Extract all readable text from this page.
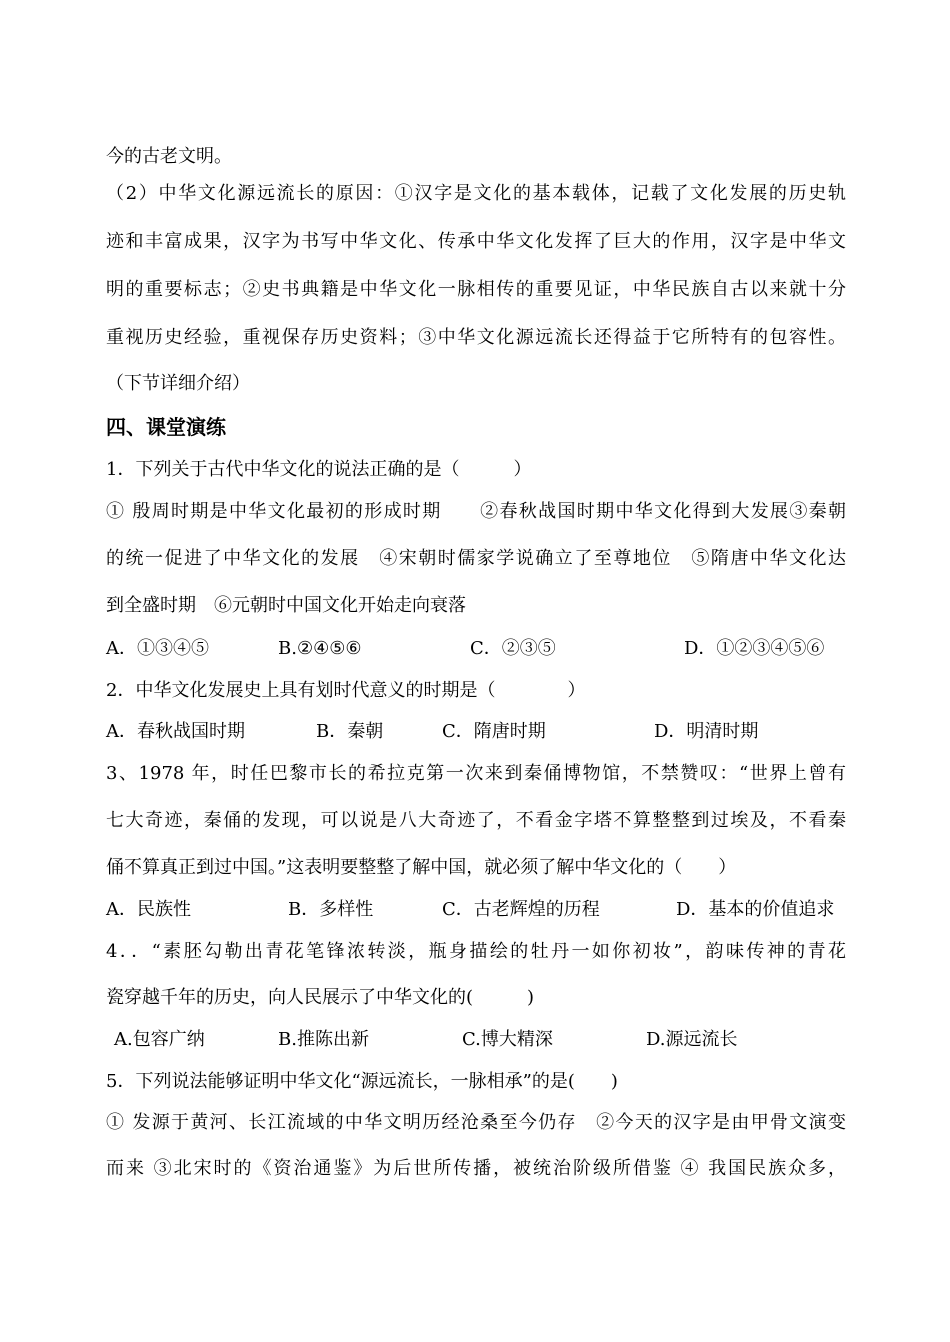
今的古老文明。
（2）中华文化源远流长的原因：①汉字是文化的基本载体，记载了文化发展的历史轨
迹和丰富成果，汉字为书写中华文化、传承中华文化发挥了巨大的作用，汉字是中华文
明的重要标志；②史书典籍是中华文化一脉相传的重要见证，中华民族自古以来就十分
重视历史经验，重视保存历史资料；③中华文化源远流长还得益于它所特有的包容性。
（下节详细介绍）
四、课堂演练
1．下列关于古代中华文化的说法正确的是（　　　）
① 殷周时期是中华文化最初的形成时期　　②春秋战国时期中华文化得到大发展③秦朝
的统一促进了中华文化的发展　④宋朝时儒家学说确立了至尊地位　⑤隋唐中华文化达
到全盛时期　⑥元朝时中国文化开始走向衰落
A．①③④⑤	B.②④⑤⑥	C．②③⑤	D．①②③④⑤⑥
2．中华文化发展史上具有划时代意义的时期是（　　　　）
A．春秋战国时期	B．秦朝	C．隋唐时期	D．明清时期
3、1978 年，时任巴黎市长的希拉克第一次来到秦俑博物馆，不禁赞叹：“世界上曾有
七大奇迹，秦俑的发现，可以说是八大奇迹了，不看金字塔不算整整到过埃及，不看秦
俑不算真正到过中国。”这表明要整整了解中国，就必须了解中华文化的（　　）
A．民族性	B．多样性	C．古老辉煌的历程	D．基本的价值追求
4．．“素胚勾勒出青花笔锋浓转淡，瓶身描绘的牡丹一如你初妆”，韵味传神的青花
瓷穿越千年的历史，向人民展示了中华文化的(　　　)
A.包容广纳	B.推陈出新	C.博大精深	D.源远流长
5．下列说法能够证明中华文化“源远流长，一脉相承”的是(　　)
① 发源于黄河、长江流域的中华文明历经沧桑至今仍存　②今天的汉字是由甲骨文演变
而来 ③北宋时的《资治通鉴》为后世所传播，被统治阶级所借鉴 ④ 我国民族众多，
